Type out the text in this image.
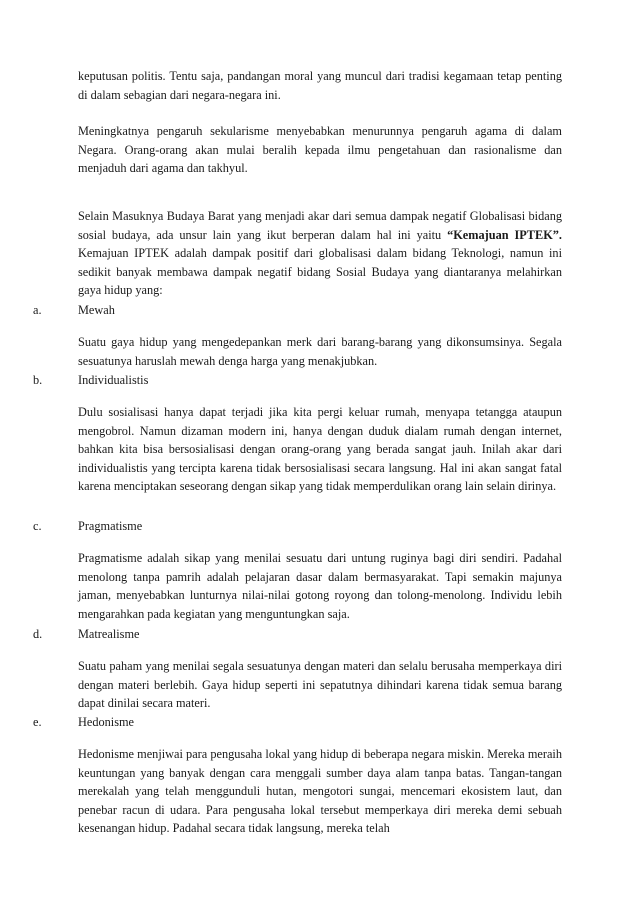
keputusan politis. Tentu saja, pandangan moral yang muncul dari tradisi kegamaan tetap penting di dalam sebagian dari negara-negara ini.

Meningkatnya pengaruh sekularisme menyebabkan menurunnya pengaruh agama di dalam Negara. Orang-orang akan mulai beralih kepada ilmu pengetahuan dan rasionalisme dan menjaduh dari agama dan takhyul.

Selain Masuknya Budaya Barat yang menjadi akar dari semua dampak negatif Globalisasi bidang sosial budaya, ada unsur lain yang ikut berperan dalam hal ini yaitu “Kemajuan IPTEK”. Kemajuan IPTEK adalah dampak positif dari globalisasi dalam bidang Teknologi, namun ini sedikit banyak membawa dampak negatif bidang Sosial Budaya yang diantaranya melahirkan gaya hidup yang:

a.	Mewah

Suatu gaya hidup yang mengedepankan merk dari barang-barang yang dikonsumsinya. Segala sesuatunya haruslah mewah denga harga yang menakjubkan.

b.	Individualistis

Dulu sosialisasi hanya dapat terjadi jika kita pergi keluar rumah, menyapa tetangga ataupun mengobrol. Namun dizaman modern ini, hanya dengan duduk dialam rumah dengan internet, bahkan kita bisa bersosialisasi dengan orang-orang yang berada sangat jauh. Inilah akar dari individualistis yang tercipta karena tidak bersosialisasi secara langsung. Hal ini akan sangat fatal karena menciptakan seseorang dengan sikap yang tidak memperdulikan orang lain selain dirinya.

c.	Pragmatisme

Pragmatisme adalah sikap yang menilai sesuatu dari untung ruginya bagi diri sendiri. Padahal menolong tanpa pamrih adalah pelajaran dasar dalam bermasyarakat. Tapi semakin majunya jaman, menyebabkan lunturnya nilai-nilai gotong royong dan tolong-menolong. Individu lebih mengarahkan pada kegiatan yang menguntungkan saja.

d.	Matrealisme

Suatu paham yang menilai segala sesuatunya dengan materi dan selalu berusaha memperkaya diri dengan materi berlebih. Gaya hidup seperti ini sepatutnya dihindari karena tidak semua barang dapat dinilai secara materi.

e.	Hedonisme

Hedonisme menjiwai para pengusaha lokal yang hidup di beberapa negara miskin. Mereka meraih keuntungan yang banyak dengan cara menggali sumber daya alam tanpa batas. Tangan-tangan merekalah yang telah menggunduli hutan, mengotori sungai, mencemari ekosistem laut, dan penebar racun di udara. Para pengusaha lokal tersebut memperkaya diri mereka demi sebuah kesenangan hidup. Padahal secara tidak langsung, mereka telah
